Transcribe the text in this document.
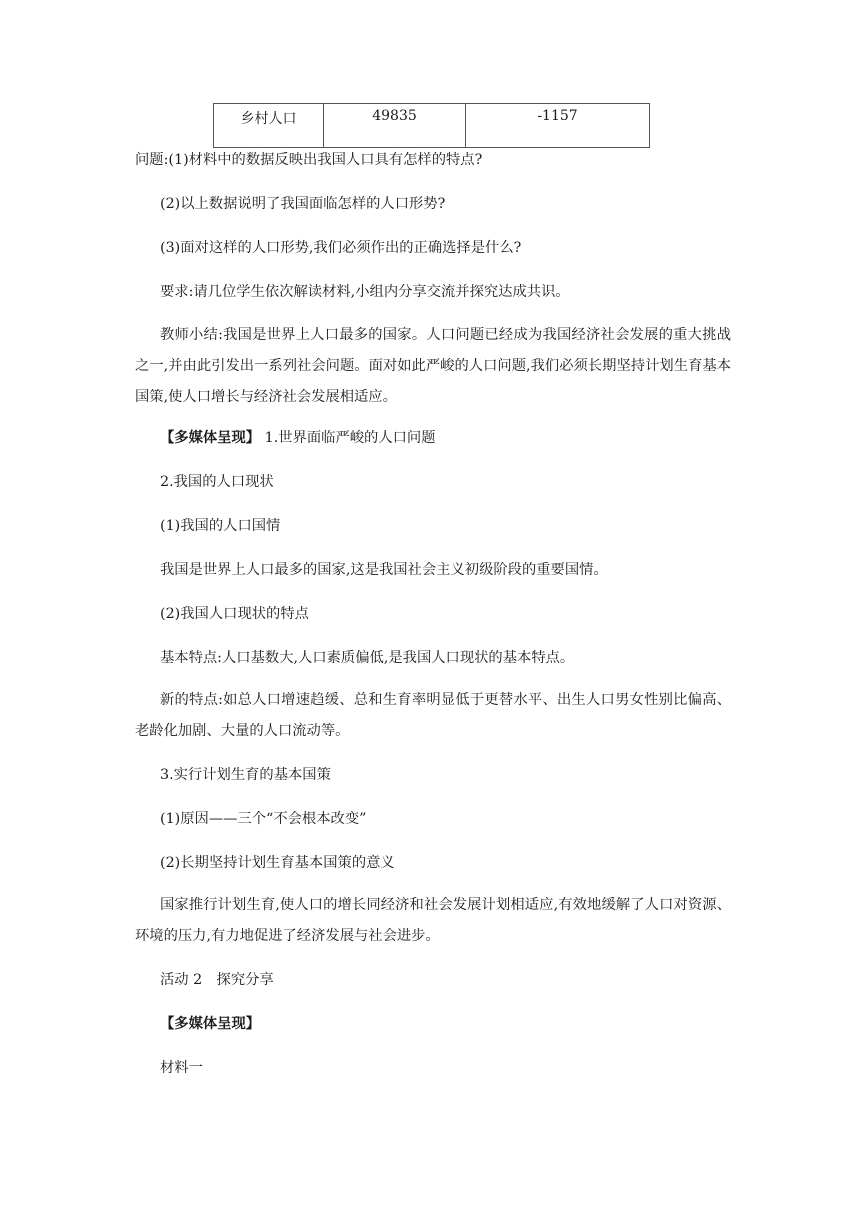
乡村人口	49835	-1157

问题:(1)材料中的数据反映出我国人口具有怎样的特点?

(2)以上数据说明了我国面临怎样的人口形势?

(3)面对这样的人口形势,我们必须作出的正确选择是什么?

要求:请几位学生依次解读材料,小组内分享交流并探究达成共识。

教师小结:我国是世界上人口最多的国家。人口问题已经成为我国经济社会发展的重大挑战之一,并由此引发出一系列社会问题。面对如此严峻的人口问题,我们必须长期坚持计划生育基本国策,使人口增长与经济社会发展相适应。

【多媒体呈现】 1.世界面临严峻的人口问题

2.我国的人口现状

(1)我国的人口国情

我国是世界上人口最多的国家,这是我国社会主义初级阶段的重要国情。

(2)我国人口现状的特点

基本特点:人口基数大,人口素质偏低,是我国人口现状的基本特点。

新的特点:如总人口增速趋缓、总和生育率明显低于更替水平、出生人口男女性别比偏高、老龄化加剧、大量的人口流动等。

3.实行计划生育的基本国策

(1)原因——三个“不会根本改变”

(2)长期坚持计划生育基本国策的意义

国家推行计划生育,使人口的增长同经济和社会发展计划相适应,有效地缓解了人口对资源、环境的压力,有力地促进了经济发展与社会进步。

活动 2　探究分享

【多媒体呈现】

材料一
